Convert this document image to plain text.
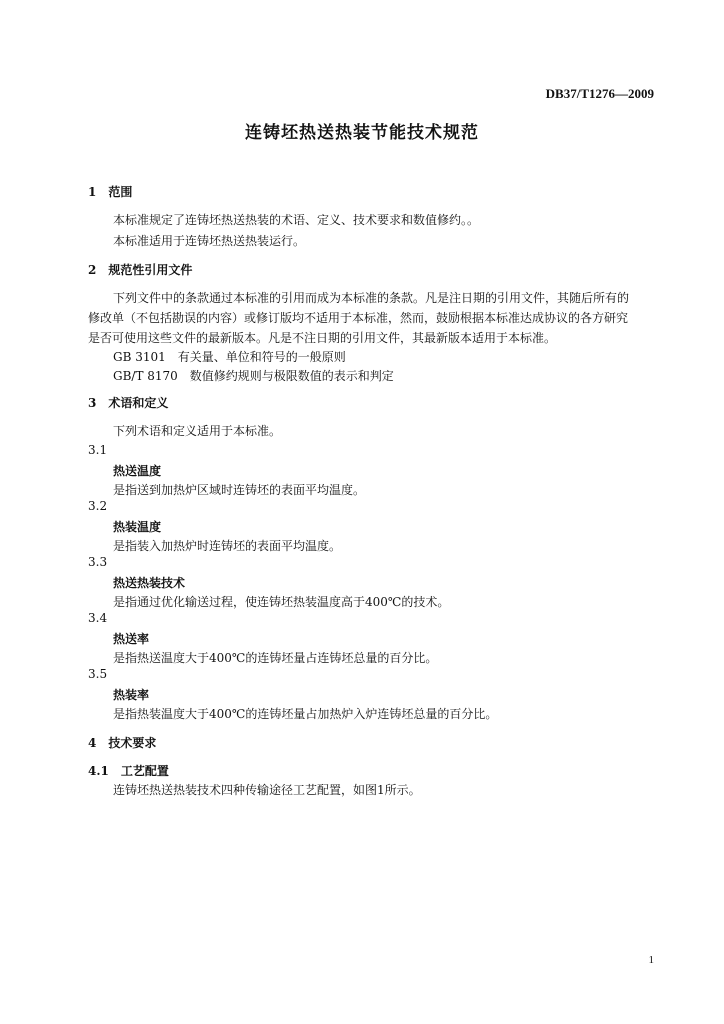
DB37/T1276—2009
连铸坯热送热装节能技术规范
1　范围
本标准规定了连铸坯热送热装的术语、定义、技术要求和数值修约。。
本标准适用于连铸坯热送热装运行。
2　规范性引用文件
下列文件中的条款通过本标准的引用而成为本标准的条款。凡是注日期的引用文件，其随后所有的
修改单（不包括勘误的内容）或修订版均不适用于本标准，然而，鼓励根据本标准达成协议的各方研究
是否可使用这些文件的最新版本。凡是不注日期的引用文件，其最新版本适用于本标准。
GB 3101　有关量、单位和符号的一般原则
GB/T 8170　数值修约规则与极限数值的表示和判定
3　术语和定义
下列术语和定义适用于本标准。
3.1
热送温度
是指送到加热炉区域时连铸坯的表面平均温度。
3.2
热装温度
是指装入加热炉时连铸坯的表面平均温度。
3.3
热送热装技术
是指通过优化输送过程，使连铸坯热装温度高于400℃的技术。
3.4
热送率
是指热送温度大于400℃的连铸坯量占连铸坯总量的百分比。
3.5
热装率
是指热装温度大于400℃的连铸坯量占加热炉入炉连铸坯总量的百分比。
4　技术要求
4.1　工艺配置
连铸坯热送热装技术四种传输途径工艺配置，如图1所示。
1
